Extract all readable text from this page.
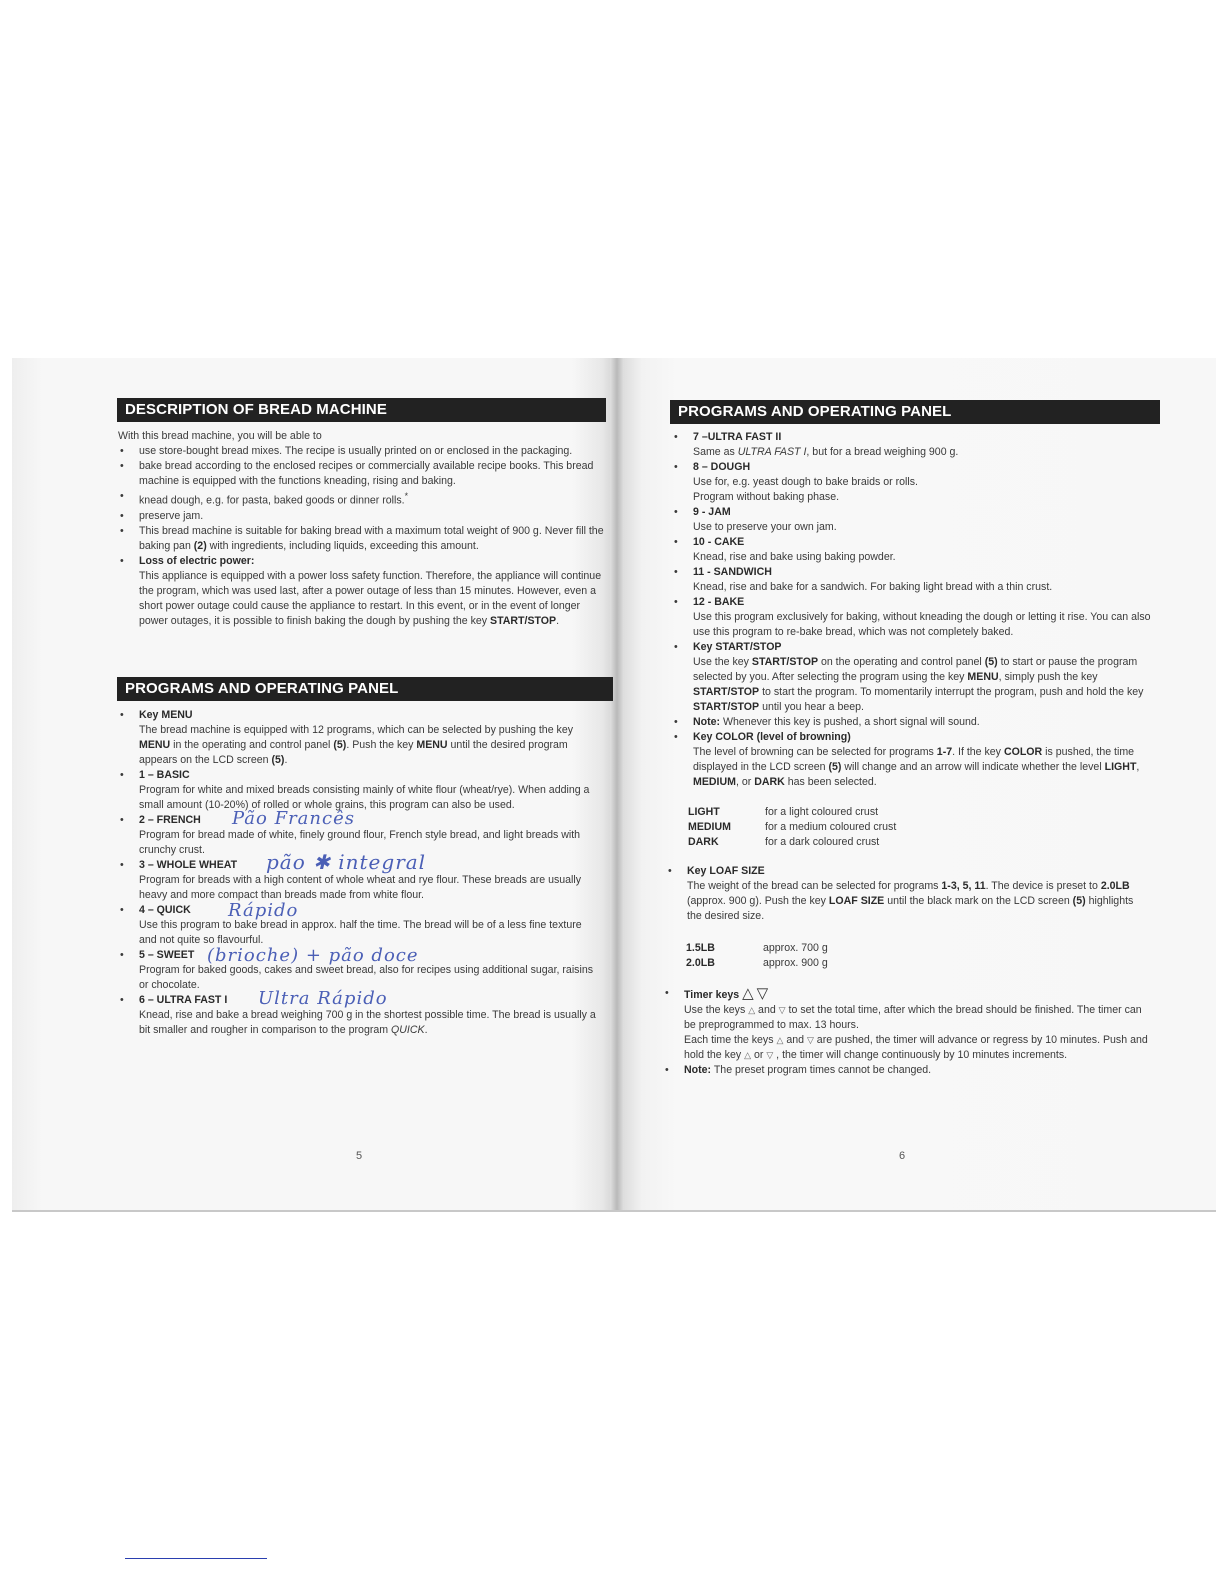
DESCRIPTION OF BREAD MACHINE

With this bread machine, you will be able to

• use store-bought bread mixes. The recipe is usually printed on or enclosed in the packaging.
• bake bread according to the enclosed recipes or commercially available recipe books. This bread machine is equipped with the functions kneading, rising and baking.
• knead dough, e.g. for pasta, baked goods or dinner rolls.*
• preserve jam.
• This bread machine is suitable for baking bread with a maximum total weight of 900 g. Never fill the baking pan (2) with ingredients, including liquids, exceeding this amount.
• Loss of electric power:
This appliance is equipped with a power loss safety function. Therefore, the appliance will continue the program, which was used last, after a power outage of less than 15 minutes. However, even a short power outage could cause the appliance to restart. In this event, or in the event of longer power outages, it is possible to finish baking the dough by pushing the key START/STOP.
PROGRAMS AND OPERATING PANEL
• Key MENU
The bread machine is equipped with 12 programs, which can be selected by pushing the key MENU in the operating and control panel (5). Push the key MENU until the desired program appears on the LCD screen (5).
• 1 – BASIC
Program for white and mixed breads consisting mainly of white flour (wheat/rye). When adding a small amount (10-20%) of rolled or whole grains, this program can also be used.
• 2 – FRENCH
Program for bread made of white, finely ground flour, French style bread, and light breads with crunchy crust.
• 3 – WHOLE WHEAT
Program for breads with a high content of whole wheat and rye flour. These breads are usually heavy and more compact than breads made from white flour.
• 4 – QUICK
Use this program to bake bread in approx. half the time. The bread will be of a less fine texture and not quite so flavourful.
• 5 – SWEET
Program for baked goods, cakes and sweet bread, also for recipes using additional sugar, raisins or chocolate.
• 6 – ULTRA FAST I
Knead, rise and bake a bread weighing 700 g in the shortest possible time. The bread is usually a bit smaller and rougher in comparison to the program QUICK.
Pão Francês
pão ✱ integral
Rápido
(brioche) + pão doce
Ultra Rápido
5
PROGRAMS AND OPERATING PANEL
• 7 –ULTRA FAST II
Same as ULTRA FAST I, but for a bread weighing 900 g.
• 8 – DOUGH
Use for, e.g. yeast dough to bake braids or rolls.
Program without baking phase.
• 9 - JAM
Use to preserve your own jam.
• 10 - CAKE
Knead, rise and bake using baking powder.
• 11 - SANDWICH
Knead, rise and bake for a sandwich. For baking light bread with a thin crust.
• 12 - BAKE
Use this program exclusively for baking, without kneading the dough or letting it rise. You can also use this program to re-bake bread, which was not completely baked.
• Key START/STOP
Use the key START/STOP on the operating and control panel (5) to start or pause the program selected by you. After selecting the program using the key MENU, simply push the key START/STOP to start the program. To momentarily interrupt the program, push and hold the key START/STOP until you hear a beep.
• Note: Whenever this key is pushed, a short signal will sound.
• Key COLOR (level of browning)
The level of browning can be selected for programs 1-7. If the key COLOR is pushed, the time displayed in the LCD screen (5) will change and an arrow will indicate whether the level LIGHT, MEDIUM, or DARK has been selected.
LIGHT	for a light coloured crust
MEDIUM	for a medium coloured crust
DARK	for a dark coloured crust
• Key LOAF SIZE
The weight of the bread can be selected for programs 1-3, 5, 11. The device is preset to 2.0LB (approx. 900 g). Push the key LOAF SIZE until the black mark on the LCD screen (5) highlights the desired size.
1.5LB	approx. 700 g
2.0LB	approx. 900 g
• Timer keys △ ▽
Use the keys △ and ▽ to set the total time, after which the bread should be finished. The timer can be preprogrammed to max. 13 hours.
Each time the keys △ and ▽ are pushed, the timer will advance or regress by 10 minutes. Push and hold the key △ or ▽ , the timer will change continuously by 10 minutes increments.
• Note: The preset program times cannot be changed.
6
